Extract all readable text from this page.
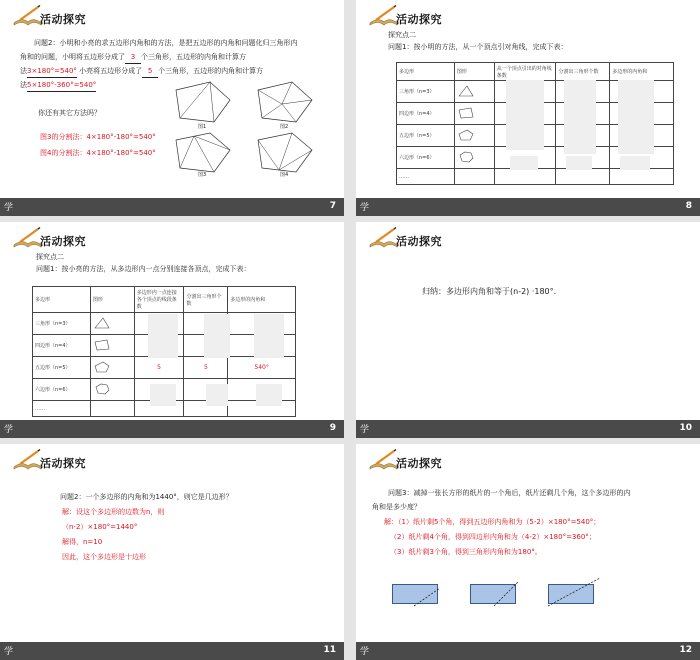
活动探究
问题2：小明和小亮的求五边形内角和的方法，是把五边形的内角和问题化归三角形内
角和的问题，小明将五边形分成了 3 个三角形，五边形的内角和计算方
法3×180°=540° 小亮将五边形分成了 5 个三角形，五边形的内角和计算方
法5×180°-360°=540°
你还有其它方法吗？
图3的分割法：4×180°-180°=540°
图4的分割法：4×180°-180°=540°
图1	图2
图3	图4
学	7
活动探究
探究点二
问题1：按小明的方法，从一个顶点引对角线，完成下表：
多边形	图形	从一个顶点引出的对角线条数	分割出三角形个数	多边形的内角和
三角形（n=3）				
四边形（n=4）				
五边形（n=5）				
六边形（n=6）				
……				
学	8
活动探究
探究点二
问题1：按小亮的方法，从多边形内一点分别连接各顶点，完成下表：
多边形	图形	多边形内一点连接各个顶点的线段条数	分割出三角形个数	多边形的内角和
三角形（n=3）				
四边形（n=4）				
五边形（n=5）		5	5	540°
六边形（n=6）				
……				
学	9
活动探究
归纳：多边形内角和等于(n-2) ·180°.
学	10
活动探究
问题2：一个多边形的内角和为1440°，则它是几边形？
解：设这个多边形的边数为n，则
（n-2）×180°=1440°
解得，n=10
因此，这个多边形是十边形
学	11
活动探究
问题3：减掉一张长方形的纸片的一个角后，纸片还剩几个角，这个多边形的内
角和是多少度？
解：（1）纸片剩5个角，得到五边形内角和为（5-2）×180°=540°；
（2）纸片剩4个角，得到四边形内角和为（4-2）×180°=360°；
（3）纸片剩3个角，得到三角形内角和为180°。
学	12
